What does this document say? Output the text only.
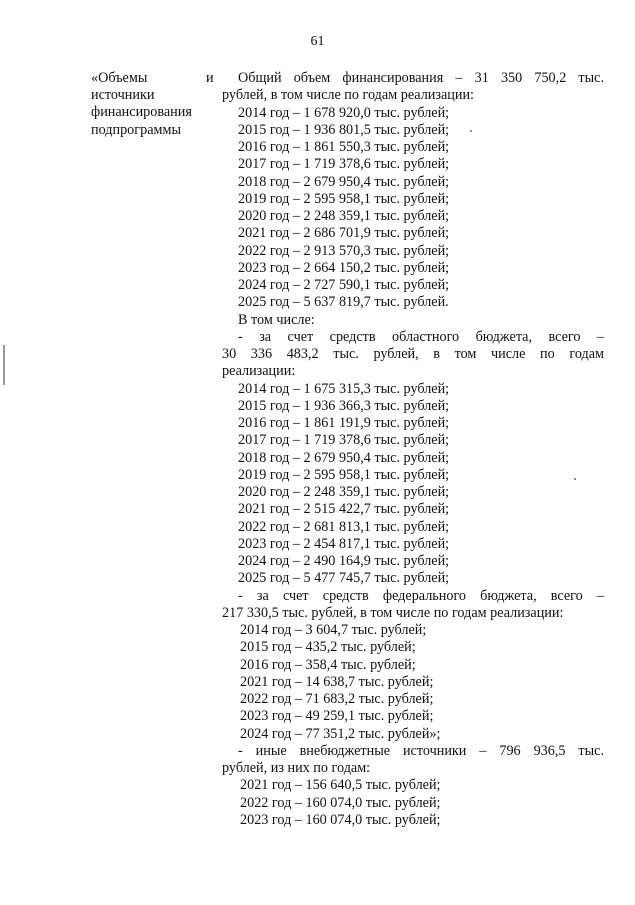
61
«Объемы
источники
финансирования
подпрограммы
и	Общий объем финансирования – 31 350 750,2 тыс.
рублей, в том числе по годам реализации:
2014 год – 1 678 920,0 тыс. рублей;
2015 год – 1 936 801,5 тыс. рублей;
2016 год – 1 861 550,3 тыс. рублей;
2017 год – 1 719 378,6 тыс. рублей;
2018 год – 2 679 950,4 тыс. рублей;
2019 год – 2 595 958,1 тыс. рублей;
2020 год – 2 248 359,1 тыс. рублей;
2021 год – 2 686 701,9 тыс. рублей;
2022 год – 2 913 570,3 тыс. рублей;
2023 год – 2 664 150,2 тыс. рублей;
2024 год – 2 727 590,1 тыс. рублей;
2025 год – 5 637 819,7 тыс. рублей.
В том числе:
- за счет средств областного бюджета, всего –
30 336 483,2 тыс. рублей, в том числе по годам
реализации:
2014 год – 1 675 315,3 тыс. рублей;
2015 год – 1 936 366,3 тыс. рублей;
2016 год – 1 861 191,9 тыс. рублей;
2017 год – 1 719 378,6 тыс. рублей;
2018 год – 2 679 950,4 тыс. рублей;
2019 год – 2 595 958,1 тыс. рублей;
2020 год – 2 248 359,1 тыс. рублей;
2021 год – 2 515 422,7 тыс. рублей;
2022 год – 2 681 813,1 тыс. рублей;
2023 год – 2 454 817,1 тыс. рублей;
2024 год – 2 490 164,9 тыс. рублей;
2025 год – 5 477 745,7 тыс. рублей;
- за счет средств федерального бюджета, всего –
217 330,5 тыс. рублей, в том числе по годам реализации:
2014 год – 3 604,7 тыс. рублей;
2015 год – 435,2 тыс. рублей;
2016 год – 358,4 тыс. рублей;
2021 год – 14 638,7 тыс. рублей;
2022 год – 71 683,2 тыс. рублей;
2023 год – 49 259,1 тыс. рублей;
2024 год – 77 351,2 тыс. рублей»;
- иные внебюджетные источники – 796 936,5 тыс.
рублей, из них по годам:
2021 год – 156 640,5 тыс. рублей;
2022 год – 160 074,0 тыс. рублей;
2023 год – 160 074,0 тыс. рублей;
